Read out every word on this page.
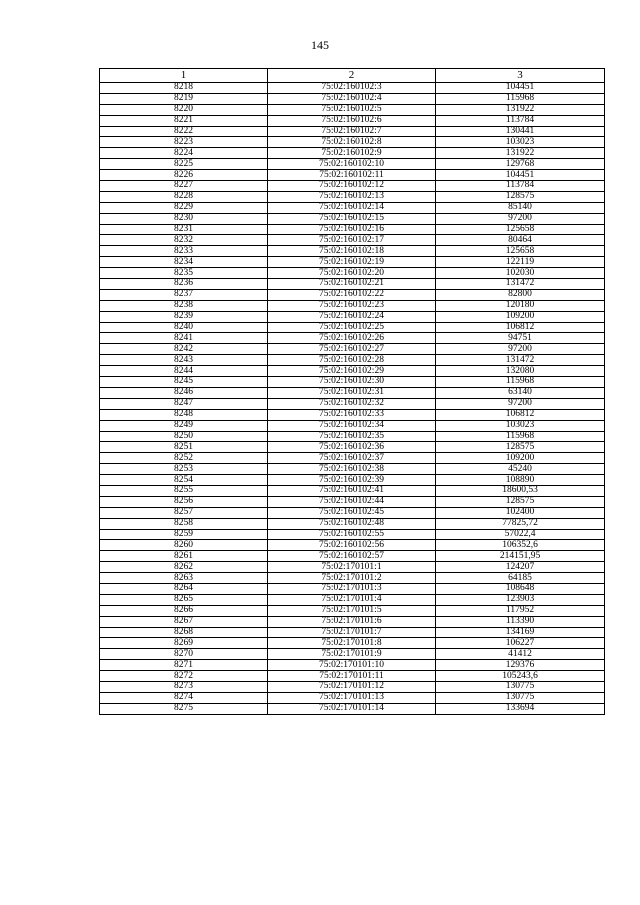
145
1	2	3
8218	75:02:160102:3	104451
8219	75:02:160102:4	115968
8220	75:02:160102:5	131922
8221	75:02:160102:6	113784
8222	75:02:160102:7	130441
8223	75:02:160102:8	103023
8224	75:02:160102:9	131922
8225	75:02:160102:10	129768
8226	75:02:160102:11	104451
8227	75:02:160102:12	113784
8228	75:02:160102:13	128575
8229	75:02:160102:14	85140
8230	75:02:160102:15	97200
8231	75:02:160102:16	125658
8232	75:02:160102:17	80464
8233	75:02:160102:18	125658
8234	75:02:160102:19	122119
8235	75:02:160102:20	102030
8236	75:02:160102:21	131472
8237	75:02:160102:22	82800
8238	75:02:160102:23	120180
8239	75:02:160102:24	109200
8240	75:02:160102:25	106812
8241	75:02:160102:26	94751
8242	75:02:160102:27	97200
8243	75:02:160102:28	131472
8244	75:02:160102:29	132080
8245	75:02:160102:30	115968
8246	75:02:160102:31	63140
8247	75:02:160102:32	97200
8248	75:02:160102:33	106812
8249	75:02:160102:34	103023
8250	75:02:160102:35	115968
8251	75:02:160102:36	128575
8252	75:02:160102:37	109200
8253	75:02:160102:38	45240
8254	75:02:160102:39	108890
8255	75:02:160102:41	18600,53
8256	75:02:160102:44	128575
8257	75:02:160102:45	102400
8258	75:02:160102:48	77825,72
8259	75:02:160102:55	57022,4
8260	75:02:160102:56	106352,6
8261	75:02:160102:57	214151,95
8262	75:02:170101:1	124207
8263	75:02:170101:2	64185
8264	75:02:170101:3	108648
8265	75:02:170101:4	123903
8266	75:02:170101:5	117952
8267	75:02:170101:6	113390
8268	75:02:170101:7	134169
8269	75:02:170101:8	106227
8270	75:02:170101:9	41412
8271	75:02:170101:10	129376
8272	75:02:170101:11	105243,6
8273	75:02:170101:12	130775
8274	75:02:170101:13	130775
8275	75:02:170101:14	133694
